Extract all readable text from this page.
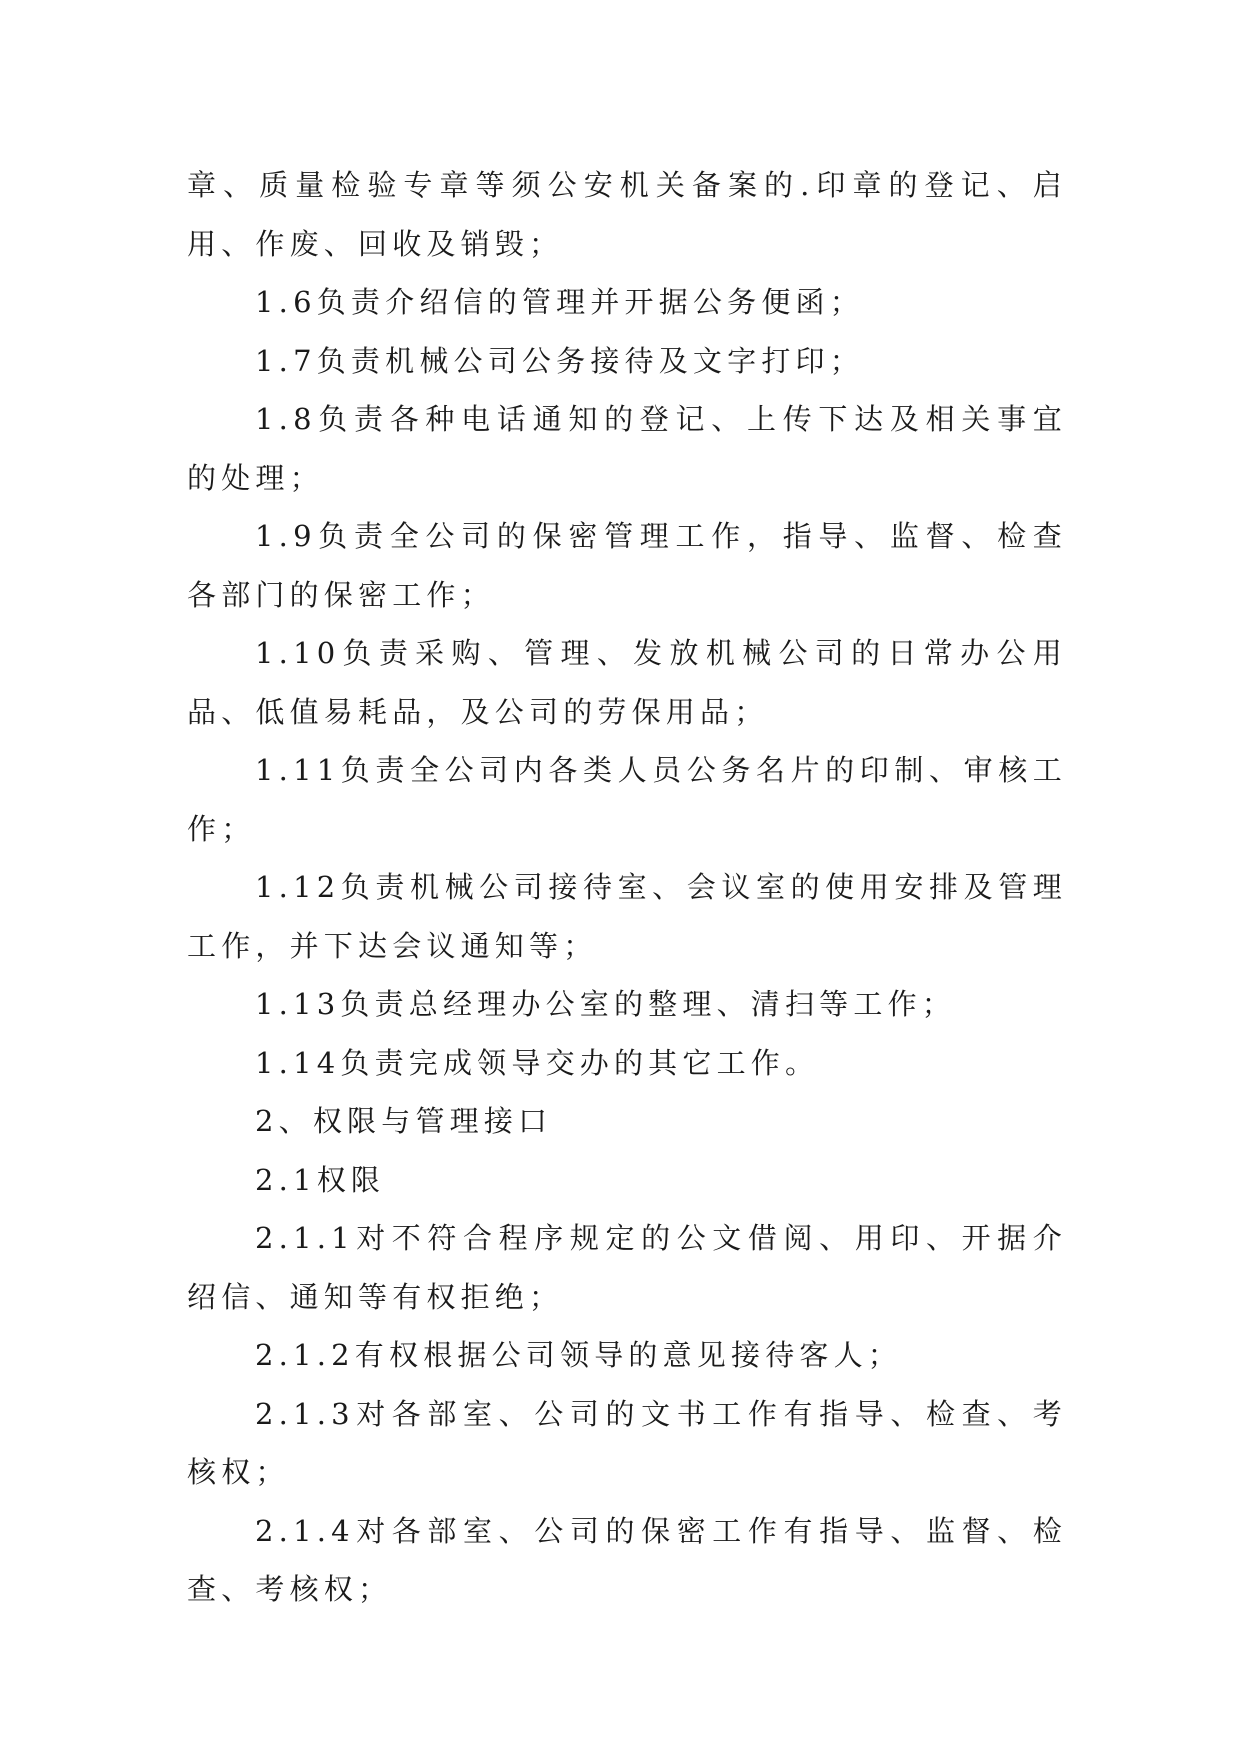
章、质量检验专章等须公安机关备案的.印章的登记、启用、作废、回收及销毁；

1.6负责介绍信的管理并开据公务便函；

1.7负责机械公司公务接待及文字打印；

1.8负责各种电话通知的登记、上传下达及相关事宜的处理；

1.9负责全公司的保密管理工作，指导、监督、检查各部门的保密工作；

1.10负责采购、管理、发放机械公司的日常办公用品、低值易耗品，及公司的劳保用品；

1.11负责全公司内各类人员公务名片的印制、审核工作；

1.12负责机械公司接待室、会议室的使用安排及管理工作，并下达会议通知等；

1.13负责总经理办公室的整理、清扫等工作；

1.14负责完成领导交办的其它工作。

2、权限与管理接口

2.1权限

2.1.1对不符合程序规定的公文借阅、用印、开据介绍信、通知等有权拒绝；

2.1.2有权根据公司领导的意见接待客人；

2.1.3对各部室、公司的文书工作有指导、检查、考核权；

2.1.4对各部室、公司的保密工作有指导、监督、检查、考核权；
